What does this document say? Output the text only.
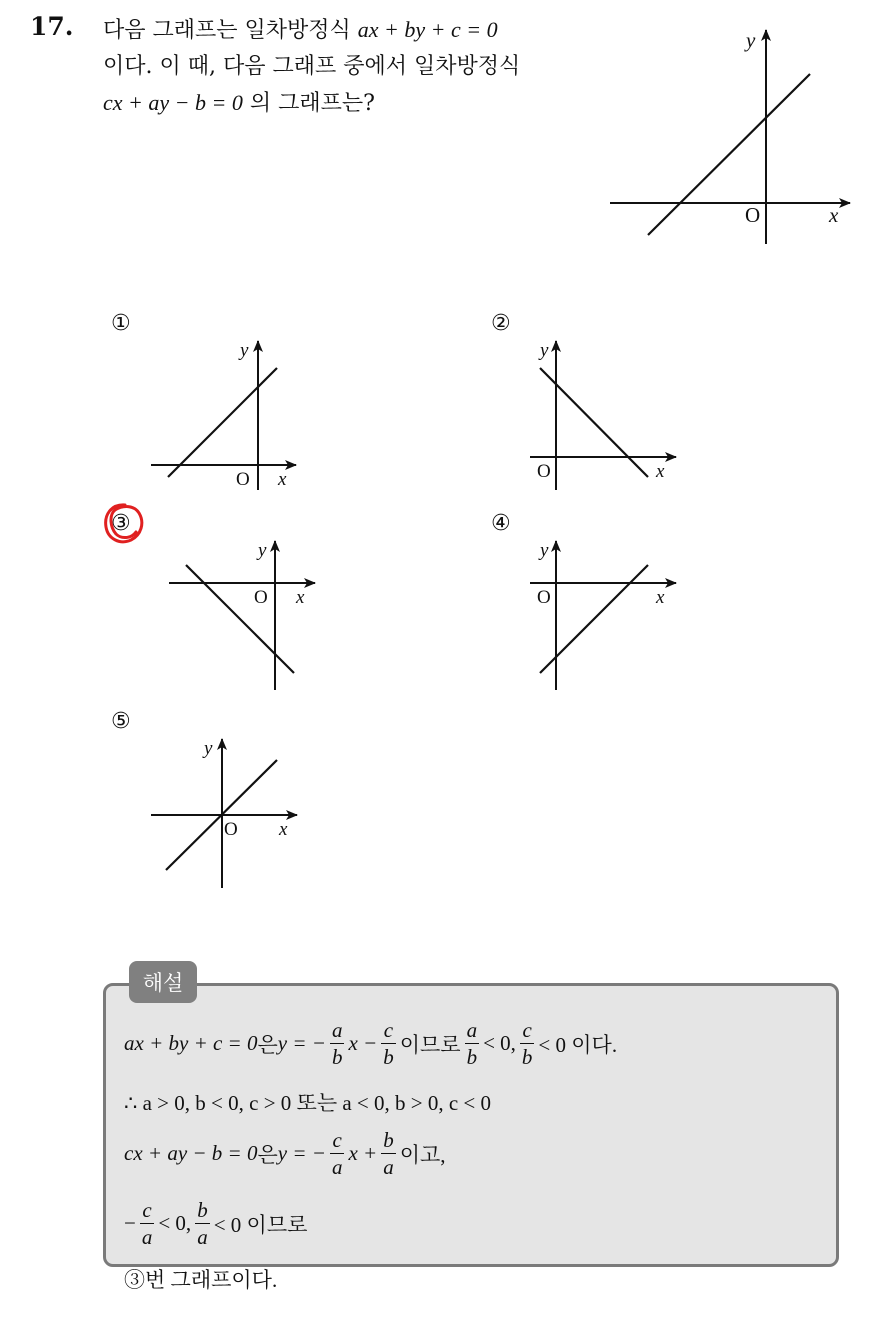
17. 다음 그래프는 일차방정식 ax + by + c = 0
이다. 이 때, 다음 그래프 중에서 일차방정식
cx + ay − b = 0 의 그래프는?
y
O	x
①
y
O x
②
y
O	x
③
y
O x
④
y
O	x
⑤
y
O x
해설
ax + by + c = 0 은 y = − $\frac{a}{b}$ $x - \frac{c}{b}$ 이므로 $\frac{a}{b} < 0$, $\frac{c}{b} < 0$ 이다.
∴ a > 0, b < 0, c > 0 또는 a < 0, b > 0, c < 0
cx + ay − b = 0 은 y = − $\frac{c}{a}$ $x + \frac{b}{a}$ 이고,
− $\frac{c}{a} < 0$, $\frac{b}{a} < 0$ 이므로
③번 그래프이다.
